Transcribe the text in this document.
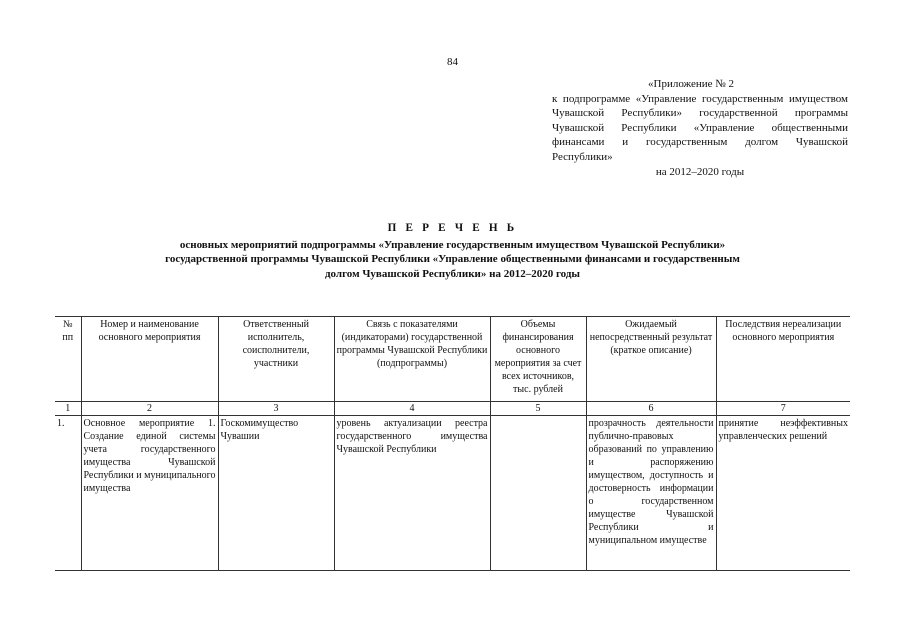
84
«Приложение № 2
к подпрограмме «Управление государственным имуществом Чувашской Республики» государственной программы Чувашской Республики «Управление общественными финансами и государственным долгом Чувашской Республики»
на 2012–2020 годы
П Е Р Е Ч Е Н Ь
основных мероприятий подпрограммы «Управление государственным имуществом Чувашской Республики»
государственной программы Чувашской Республики «Управление общественными финансами и государственным
долгом Чувашской Республики» на 2012–2020 годы
№ пп	Номер и наименование основного мероприятия	Ответственный исполнитель, соисполнители, участники	Связь с показателями (индикаторами) государственной программы Чувашской Республики (подпрограммы)	Объемы финансирования основного мероприятия за счет всех источников, тыс. рублей	Ожидаемый непосредственный результат (краткое описание)	Последствия нереализации основного мероприятия
1	2	3	4	5	6	7
1.	Основное мероприятие 1. Создание единой системы учета государственного имущества Чувашской Республики и муниципального имущества	Госкомимущество Чувашии	уровень актуализации реестра государственного имущества Чувашской Республики		прозрачность деятельности публично-правовых образований по управлению и распоряжению имуществом, доступность и достоверность информации о государственном имуществе Чувашской Республики и муниципальном имуществе	принятие неэффективных управленческих решений
